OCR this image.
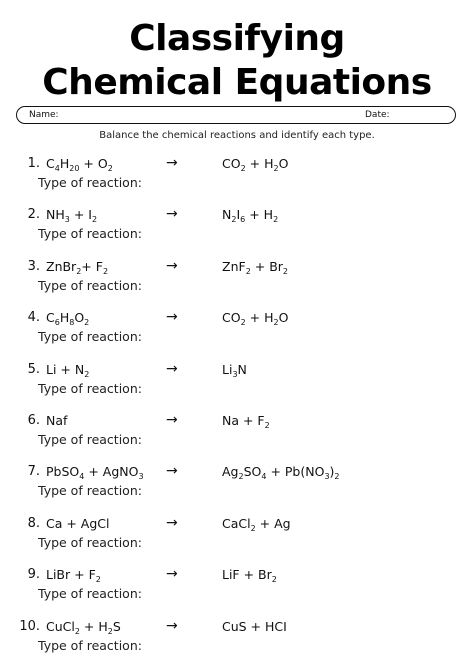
Classifying
Chemical Equations
Name:	Date:
Balance the chemical reactions and identify each type.
1. $C_4H_{20} + O_2$	→	$CO_2 + H_2O$
Type of reaction:
2. $NH_3 + I_2$	→	$N_2I_6 + H_2$
Type of reaction:
3. ZnBr$_2$+ $F_2$	→	$ZnF_2 + Br_2$
Type of reaction:
4. $C_6H_8O_2$	→	$CO_2 + H_2O$
Type of reaction:
5. $Li + N_2$	→	$Li_3N$
Type of reaction:
6. Naf	→	$Na + F_2$
Type of reaction:
7. PbSO$_4$ + AgNO$_3$ →	$Ag_2SO_4 + Pb(NO_3)_2$
Type of reaction:
8. Ca + AgCl	→	CaCl$_2$ + Ag
Type of reaction:
9. LiBr + $F_2$	→	LiF + $Br_2$
Type of reaction:
10. CuCl$_2$ + $H_2S$	→	CuS + HCI
Type of reaction:
